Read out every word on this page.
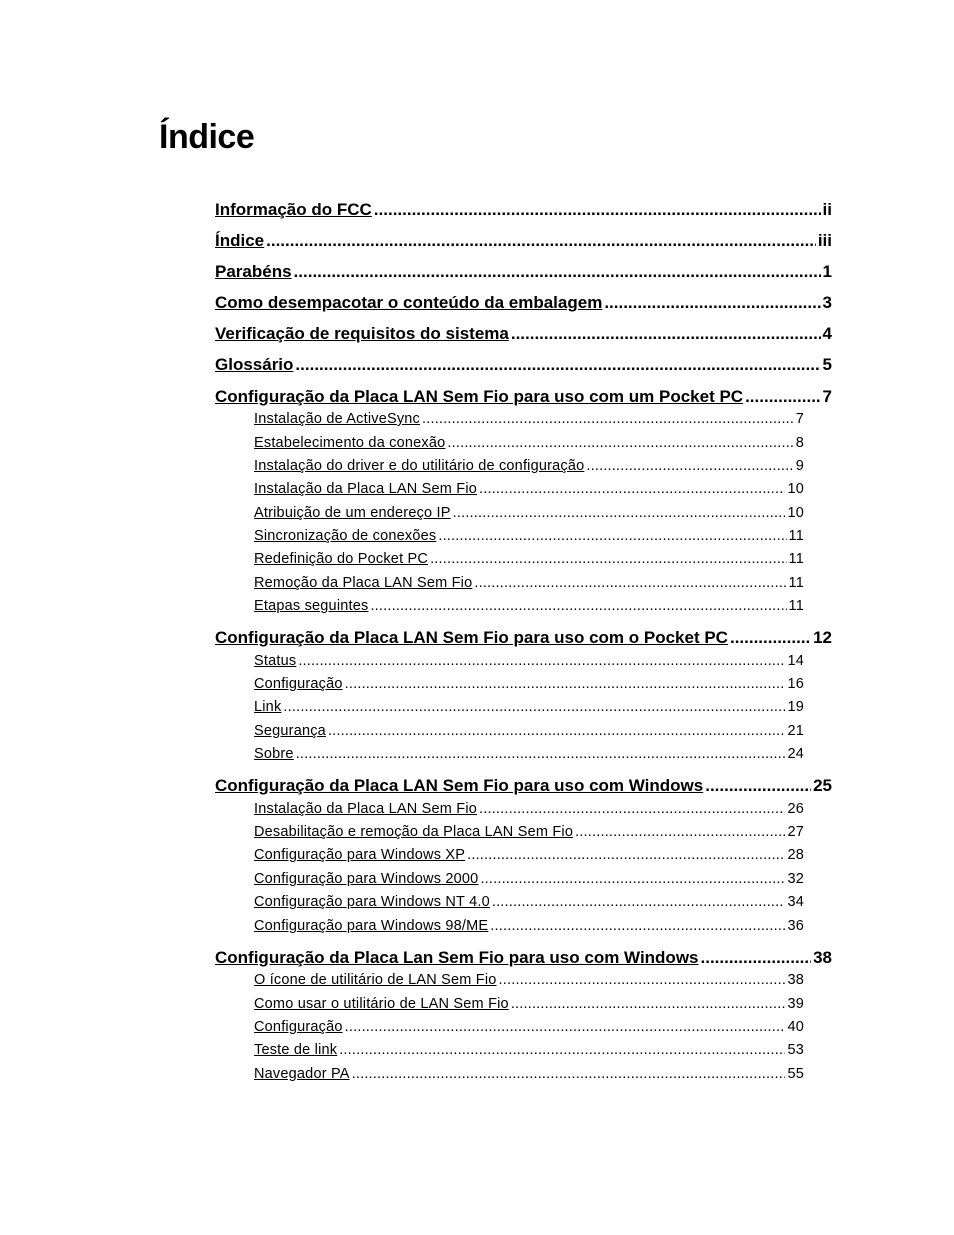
Índice
Informação do FCC .....	ii
Índice .....	iii
Parabéns .....	1
Como desempacotar o conteúdo da embalagem .....	3
Verificação de requisitos do sistema .....	4
Glossário .....	5
Configuração da Placa LAN Sem Fio para uso com um Pocket PC .....	7
Instalação de ActiveSync .....	7
Estabelecimento da conexão .....	8
Instalação do driver e do utilitário de configuração .....	9
Instalação da Placa LAN Sem Fio .....	10
Atribuição de um endereço IP .....	10
Sincronização de conexões .....	11
Redefinição do Pocket PC .....	11
Remoção da Placa LAN Sem Fio .....	11
Etapas seguintes .....	11
Configuração da Placa LAN Sem Fio para uso com o Pocket PC .....	12
Status .....	14
Configuração .....	16
Link .....	19
Segurança .....	21
Sobre .....	24
Configuração da Placa LAN Sem Fio para uso com Windows .....	25
Instalação da Placa LAN Sem Fio .....	26
Desabilitação e remoção da Placa LAN Sem Fio .....	27
Configuração para Windows XP .....	28
Configuração para Windows 2000 .....	32
Configuração para Windows NT 4.0 .....	34
Configuração para Windows 98/ME .....	36
Configuração da Placa Lan Sem Fio para uso com Windows .....	38
O ícone de utilitário de LAN Sem Fio .....	38
Como usar o utilitário de LAN Sem Fio .....	39
Configuração .....	40
Teste de link .....	53
Navegador PA .....	55
